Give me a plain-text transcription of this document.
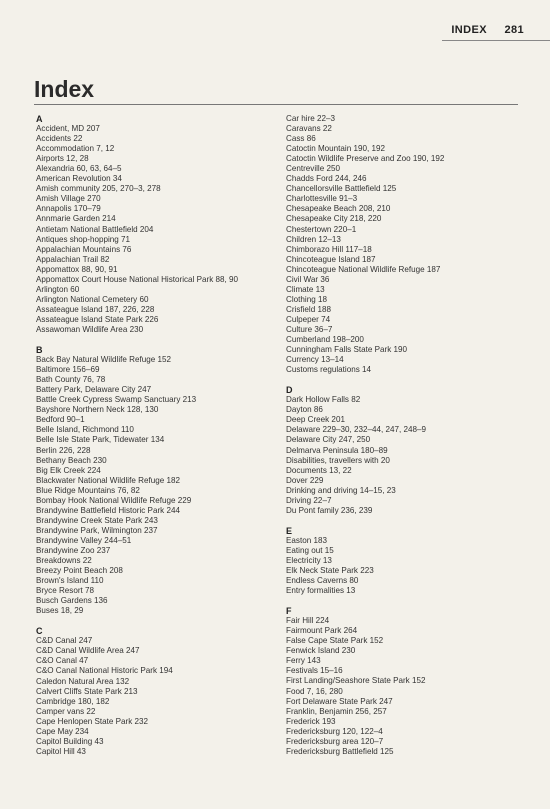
INDEX 281
Index
A
Accident, MD 207
Accidents 22
Accommodation 7, 12
Airports 12, 28
Alexandria 60, 63, 64–5
American Revolution 34
Amish community 205, 270–3, 278
Amish Village 270
Annapolis 170–79
Annmarie Garden 214
Antietam National Battlefield 204
Antiques shop-hopping 71
Appalachian Mountains 76
Appalachian Trail 82
Appomattox 88, 90, 91
Appomattox Court House National Historical Park 88, 90
Arlington 60
Arlington National Cemetery 60
Assateague Island 187, 226, 228
Assateague Island State Park 226
Assawoman Wildlife Area 230
B
Back Bay Natural Wildlife Refuge 152
Baltimore 156–69
Bath County 76, 78
Battery Park, Delaware City 247
Battle Creek Cypress Swamp Sanctuary 213
Bayshore Northern Neck 128, 130
Bedford 90–1
Belle Island, Richmond 110
Belle Isle State Park, Tidewater 134
Berlin 226, 228
Bethany Beach 230
Big Elk Creek 224
Blackwater National Wildlife Refuge 182
Blue Ridge Mountains 76, 82
Bombay Hook National Wildlife Refuge 229
Brandywine Battlefield Historic Park 244
Brandywine Creek State Park 243
Brandywine Park, Wilmington 237
Brandywine Valley 244–51
Brandywine Zoo 237
Breakdowns 22
Breezy Point Beach 208
Brown's Island 110
Bryce Resort 78
Busch Gardens 136
Buses 18, 29
C
C&D Canal 247
C&D Canal Wildlife Area 247
C&O Canal 47
C&O Canal National Historic Park 194
Caledon Natural Area 132
Calvert Cliffs State Park 213
Cambridge 180, 182
Camper vans 22
Cape Henlopen State Park 232
Cape May 234
Capitol Building 43
Capitol Hill 43
Car hire 22–3
Caravans 22
Cass 86
Catoctin Mountain 190, 192
Catoctin Wildlife Preserve and Zoo 190, 192
Centreville 250
Chadds Ford 244, 246
Chancellorsville Battlefield 125
Charlottesville 91–3
Chesapeake Beach 208, 210
Chesapeake City 218, 220
Chestertown 220–1
Children 12–13
Chimborazo Hill 117–18
Chincoteague Island 187
Chincoteague National Wildlife Refuge 187
Civil War 36
Climate 13
Clothing 18
Crisfield 188
Culpeper 74
Culture 36–7
Cumberland 198–200
Cunningham Falls State Park 190
Currency 13–14
Customs regulations 14
D
Dark Hollow Falls 82
Dayton 86
Deep Creek 201
Delaware 229–30, 232–44, 247, 248–9
Delaware City 247, 250
Delmarva Peninsula 180–89
Disabilities, travellers with 20
Documents 13, 22
Dover 229
Drinking and driving 14–15, 23
Driving 22–7
Du Pont family 236, 239
E
Easton 183
Eating out 15
Electricity 13
Elk Neck State Park 223
Endless Caverns 80
Entry formalities 13
F
Fair Hill 224
Fairmount Park 264
False Cape State Park 152
Fenwick Island 230
Ferry 143
Festivals 15–16
First Landing/Seashore State Park 152
Food 7, 16, 280
Fort Delaware State Park 247
Franklin, Benjamin 256, 257
Frederick 193
Fredericksburg 120, 122–4
Fredericksburg area 120–7
Fredericksburg Battlefield 125
